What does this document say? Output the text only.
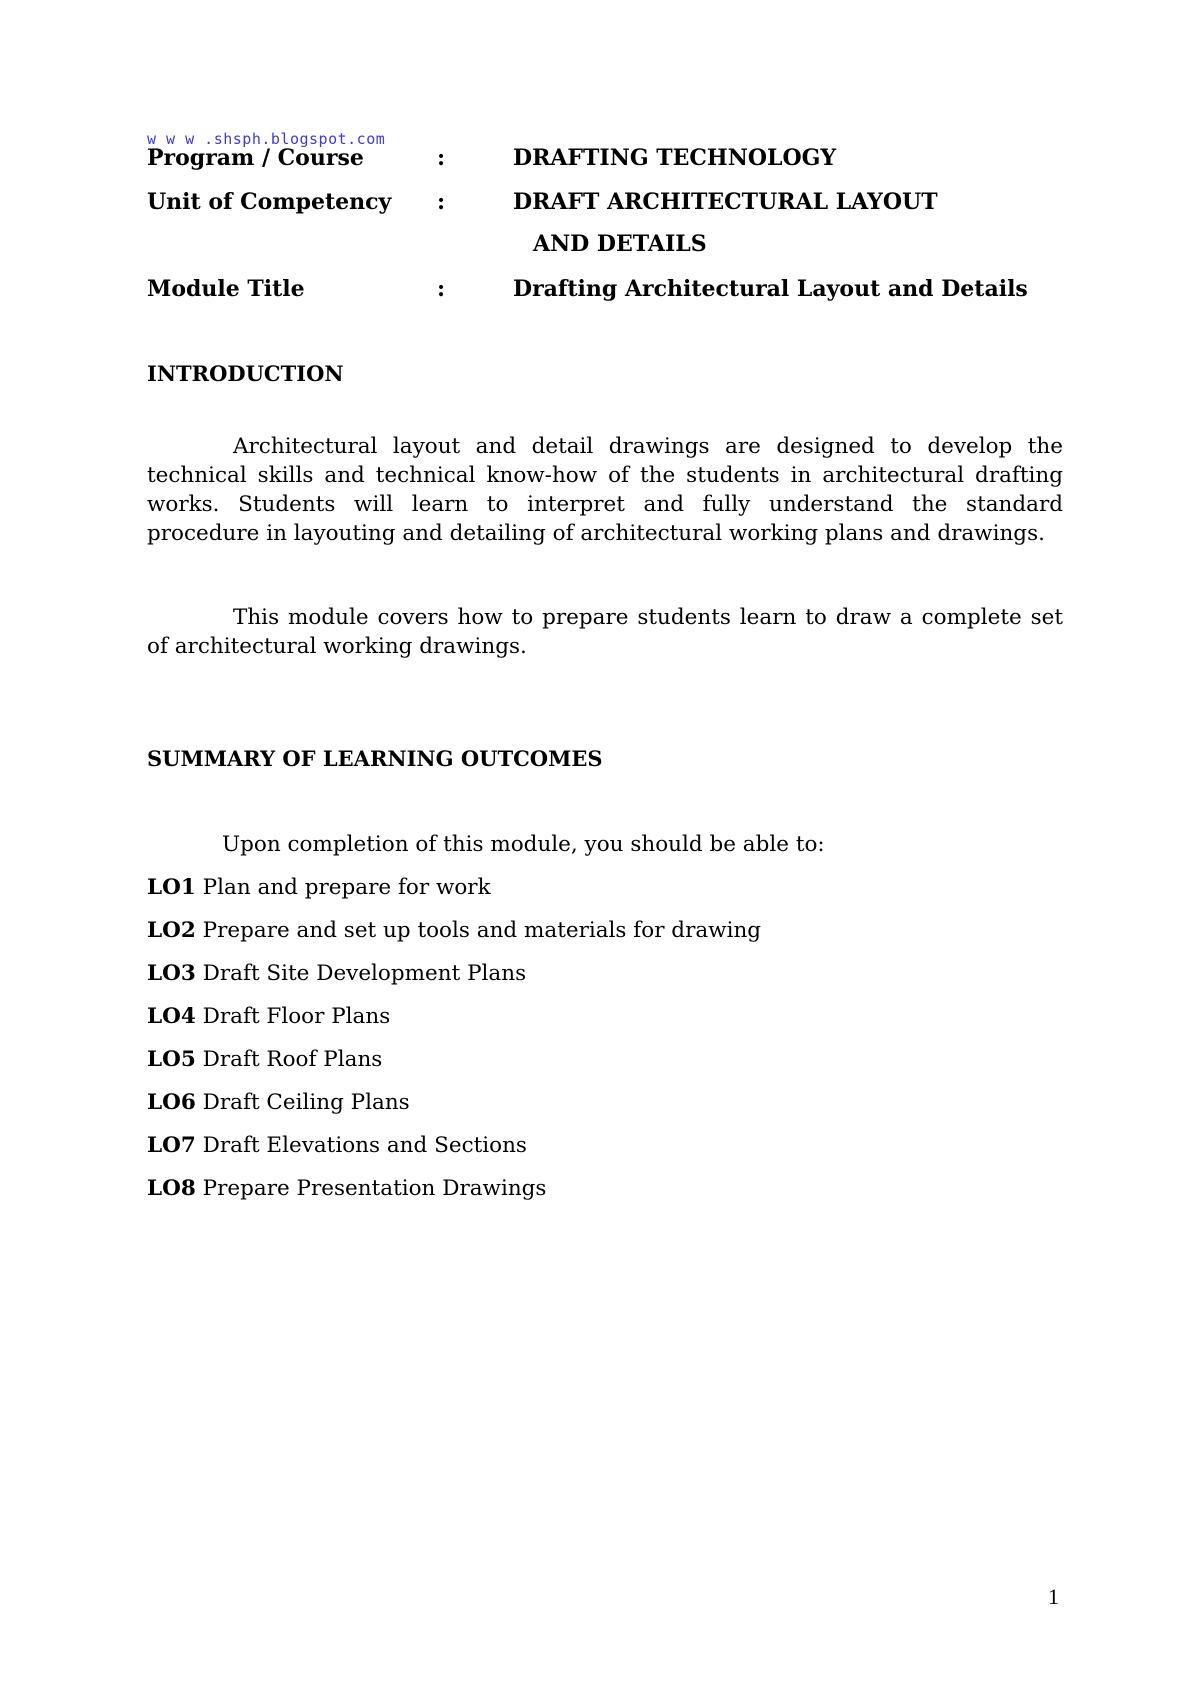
w w w .shsph.blogspot.com
Program / Course	:	DRAFTING TECHNOLOGY
Unit of Competency :	DRAFT ARCHITECTURAL LAYOUT
AND DETAILS
Module Title	:	Drafting Architectural Layout and Details
INTRODUCTION
Architectural layout and detail drawings are designed to develop the technical skills and technical know-how of the students in architectural drafting works. Students will learn to interpret and fully understand the standard procedure in layouting and detailing of architectural working plans and drawings.
This module covers how to prepare students learn to draw a complete set of architectural working drawings.
SUMMARY OF LEARNING OUTCOMES
Upon completion of this module, you should be able to:
LO1 Plan and prepare for work
LO2 Prepare and set up tools and materials for drawing
LO3 Draft Site Development Plans
LO4 Draft Floor Plans
LO5 Draft Roof Plans
LO6 Draft Ceiling Plans
LO7 Draft Elevations and Sections
LO8 Prepare Presentation Drawings
1
